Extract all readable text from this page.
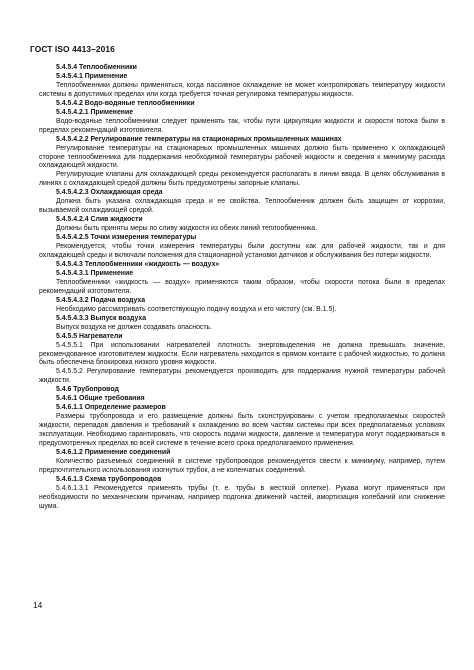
ГОСТ ISO 4413–2016
5.4.5.4 Теплообменники
5.4.5.4.1 Применение
Теплообменники должны применяться, когда пассивное охлаждение не может контролировать температуру жидкости системы в допустимых пределах или когда требуется точная регулировка температуры жидкости.
5.4.5.4.2 Водо-водяные теплообменники
5.4.5.4.2.1 Применение
Водо-водяные теплообменники следует применять так, чтобы пути циркуляции жидкости и скорости потока были в пределах рекомендаций изготовителя.
5.4.5.4.2.2 Регулирование температуры на стационарных промышленных машинах
Регулирование температуры на стационарных промышленных машинах должно быть применено к охлаждающей стороне теплообменника для поддержания необходимой температуры рабочей жидкости и сведения к минимуму расхода охлаждающей жидкости.
Регулирующие клапаны для охлаждающей среды рекомендуется располагать в линии ввода. В целях обслуживания в линиях с охлаждающей средой должны быть предусмотрены запорные клапаны.
5.4.5.4.2.3 Охлаждающая среда
Должна быть указана охлаждающая среда и ее свойства. Теплообменник должен быть защищен от коррозии, вызываемой охлаждающей средой.
5.4.5.4.2.4 Слив жидкости
Должны быть приняты меры по сливу жидкости из обеих линий теплообменника.
5.4.5.4.2.5 Точки измерения температуры
Рекомендуется, чтобы точки измерения температуры были доступны как для рабочей жидкости, так и для охлаждающей среды и включали положения для стационарной установки датчиков и обслуживания без потери жидкости.
5.4.5.4.3 Теплообменники «жидкость — воздух»
5.4.5.4.3.1 Применение
Теплообменники «жидкость — воздух» применяются таким образом, чтобы скорости потока были в пределах рекомендаций изготовителя.
5.4.5.4.3.2 Подача воздуха
Необходимо рассматривать соответствующую подачу воздуха и его чистоту (см. B.1.5).
5.4.5.4.3.3 Выпуск воздуха
Выпуск воздуха не должен создавать опасность.
5.4.5.5 Нагреватели
5.4.5.5.1 При использовании нагревателей плотность энерговыделения не должна превышать значение, рекомендованное изготовителем жидкости. Если нагреватель находится в прямом контакте с рабочей жидкостью, то должна быть обеспечена блокировка низкого уровня жидкости.
5.4.5.5.2 Регулирование температуры рекомендуется производить для поддержания нужной температуры рабочей жидкости.
5.4.6 Трубопровод
5.4.6.1 Общие требования
5.4.6.1.1 Определение размеров
Размеры трубопровода и его размещение должны быть сконструированы с учетом предполагаемых скоростей жидкости, перепадов давления и требований к охлаждению во всем частям системы при всех предполагаемых условиях эксплуатации. Необходимо гарантировать, что скорость подачи жидкости, давление и температура могут поддерживаться в предусмотренных пределах во всей системе в течение всего срока предполагаемого применения.
5.4.6.1.2 Применение соединений
Количество разъемных соединений в системе трубопроводов рекомендуется свести к минимуму, например, путем предпочтительного использования изогнутых трубок, а не коленчатых соединений.
5.4.6.1.3 Схема трубопроводов
5.4.6.1.3.1 Рекомендуется применять трубы (т. е. трубы в жесткой оплетке). Рукава могут применяться при необходимости по механическим причинам, например подгонка движений частей, амортизация колебаний или снижение шума.
14
